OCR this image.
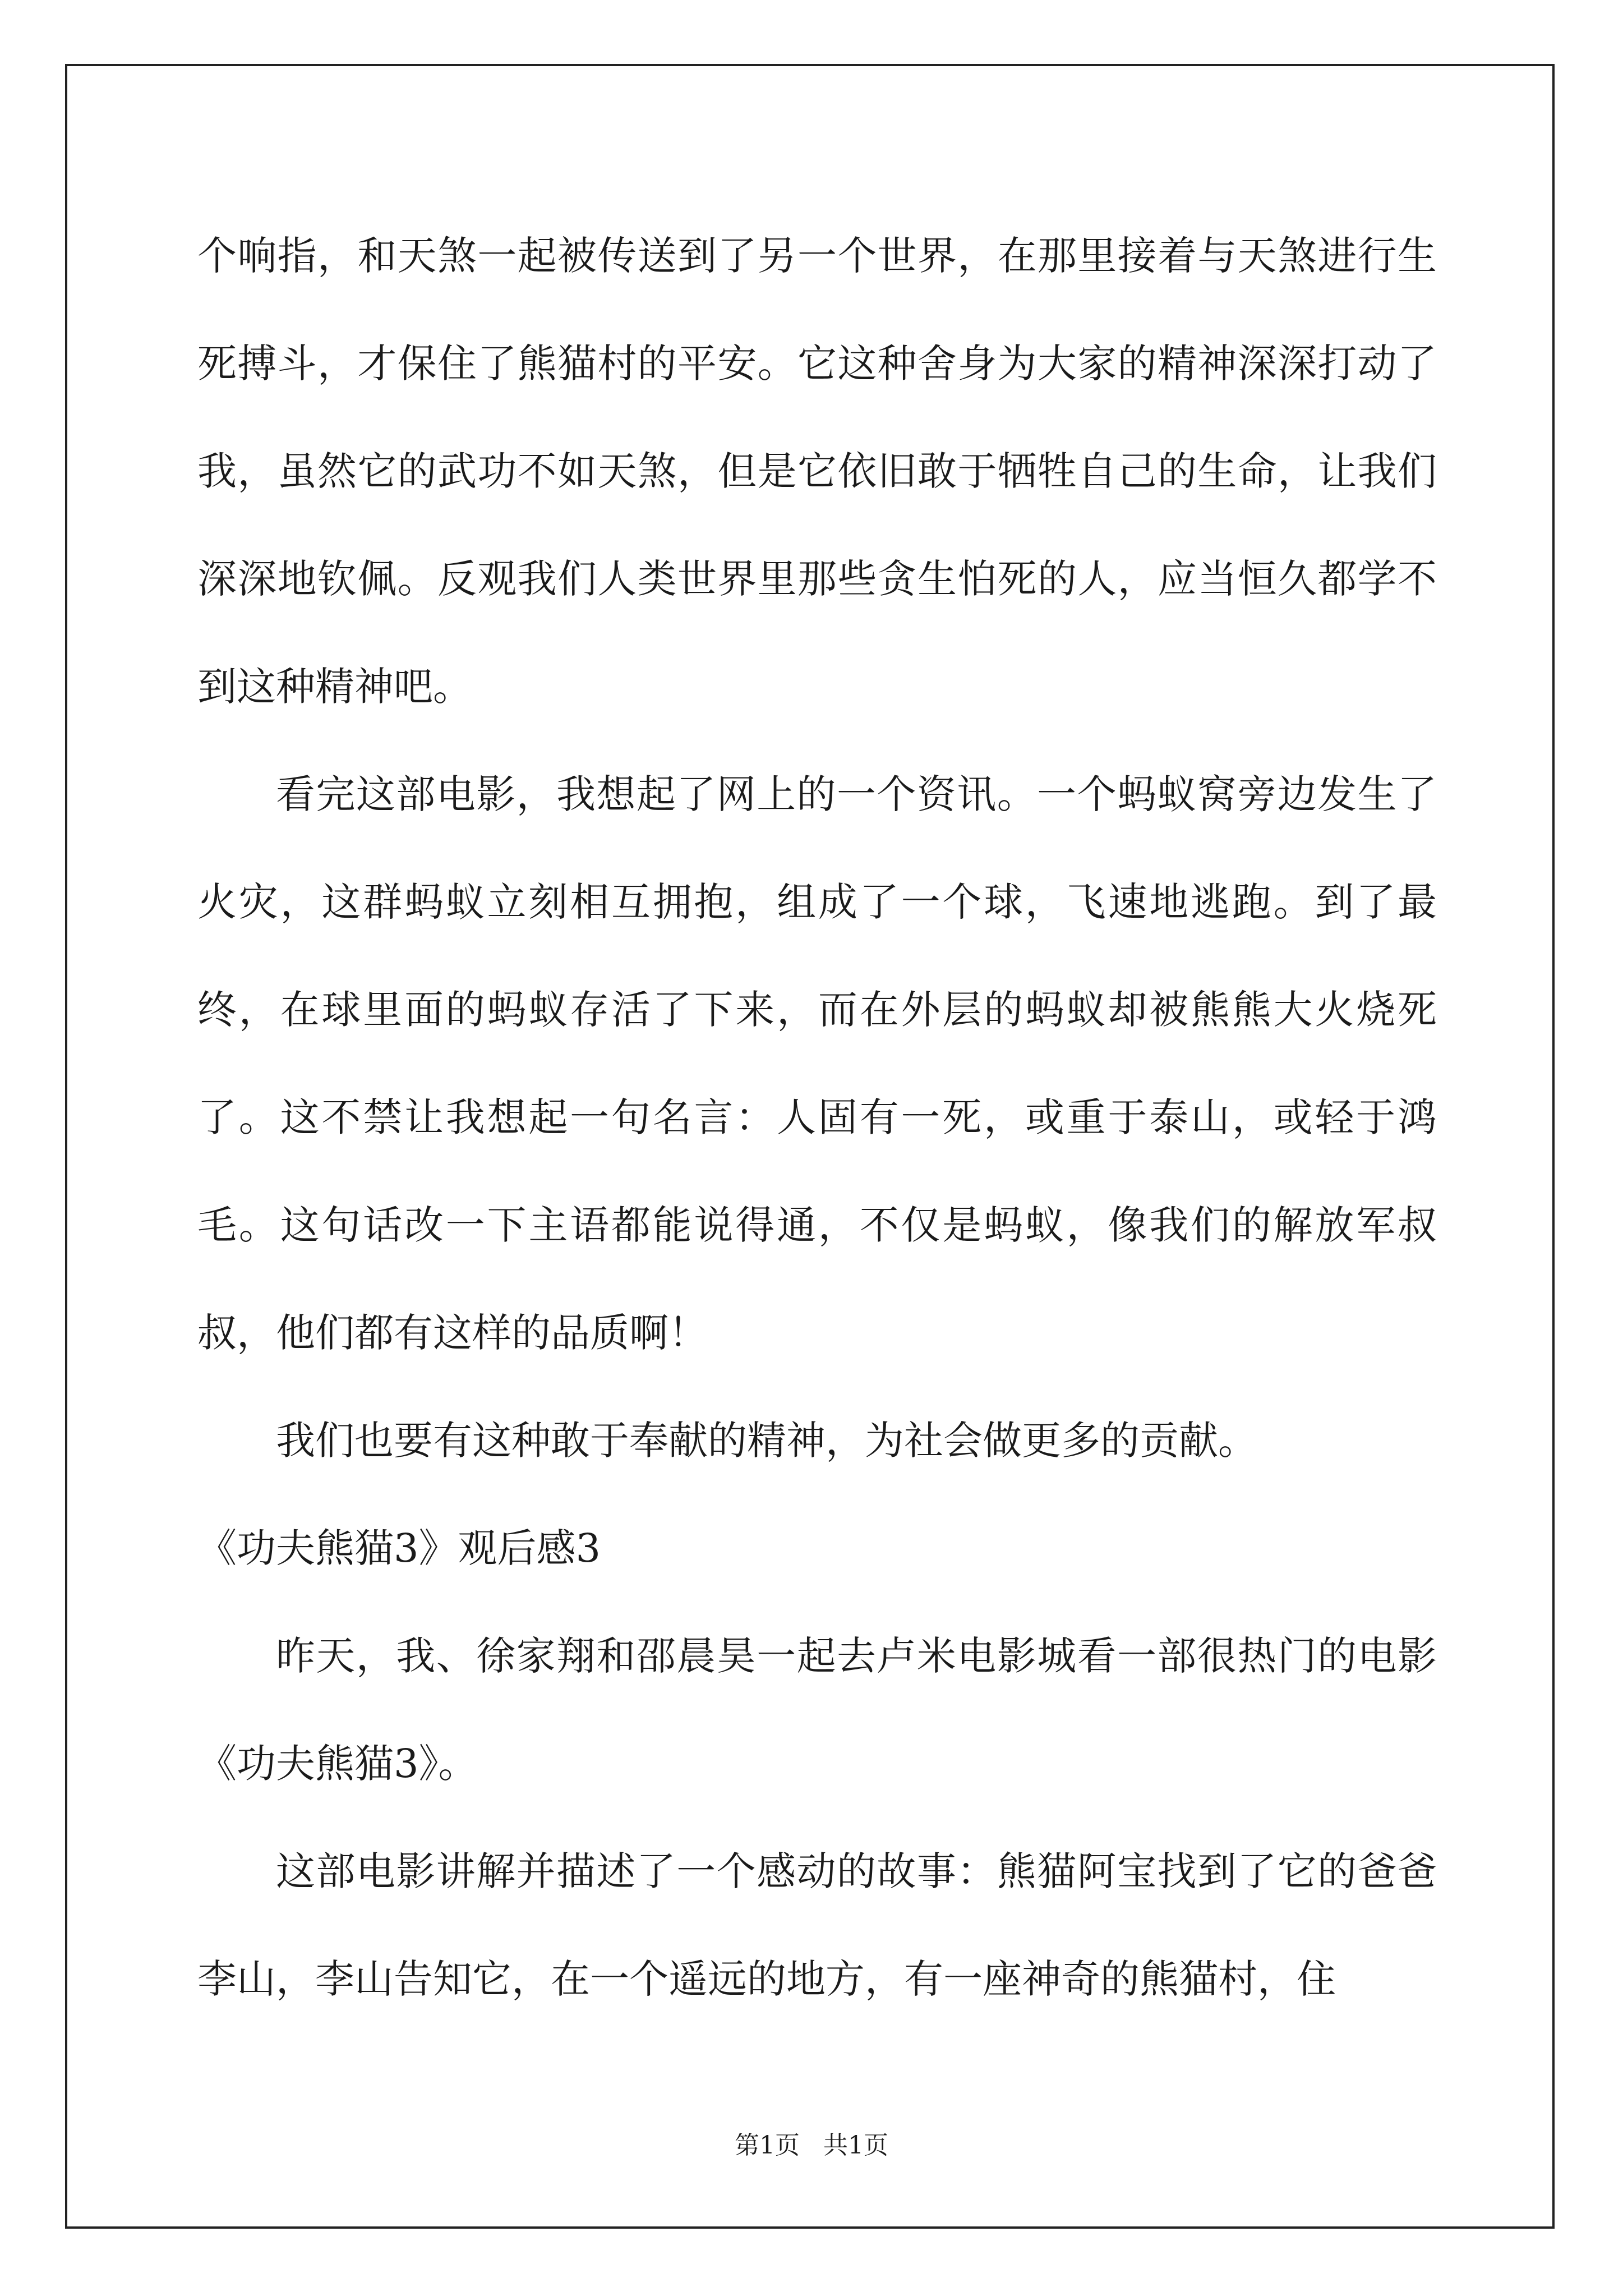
个响指，和天煞一起被传送到了另一个世界，在那里接着与天煞进行生死搏斗，才保住了熊猫村的平安。它这种舍身为大家的精神深深打动了我，虽然它的武功不如天煞，但是它依旧敢于牺牲自己的生命，让我们深深地钦佩。反观我们人类世界里那些贪生怕死的人，应当恒久都学不到这种精神吧。

看完这部电影，我想起了网上的一个资讯。一个蚂蚁窝旁边发生了火灾，这群蚂蚁立刻相互拥抱，组成了一个球，飞速地逃跑。到了最终，在球里面的蚂蚁存活了下来，而在外层的蚂蚁却被熊熊大火烧死了。这不禁让我想起一句名言：人固有一死，或重于泰山，或轻于鸿毛。这句话改一下主语都能说得通，不仅是蚂蚁，像我们的解放军叔叔，他们都有这样的品质啊！

我们也要有这种敢于奉献的精神，为社会做更多的贡献。

《功夫熊猫3》观后感3

昨天，我、徐家翔和邵晨昊一起去卢米电影城看一部很热门的电影《功夫熊猫3》。

这部电影讲解并描述了一个感动的故事：熊猫阿宝找到了它的爸爸李山，李山告知它，在一个遥远的地方，有一座神奇的熊猫村，住

第1页   共1页
